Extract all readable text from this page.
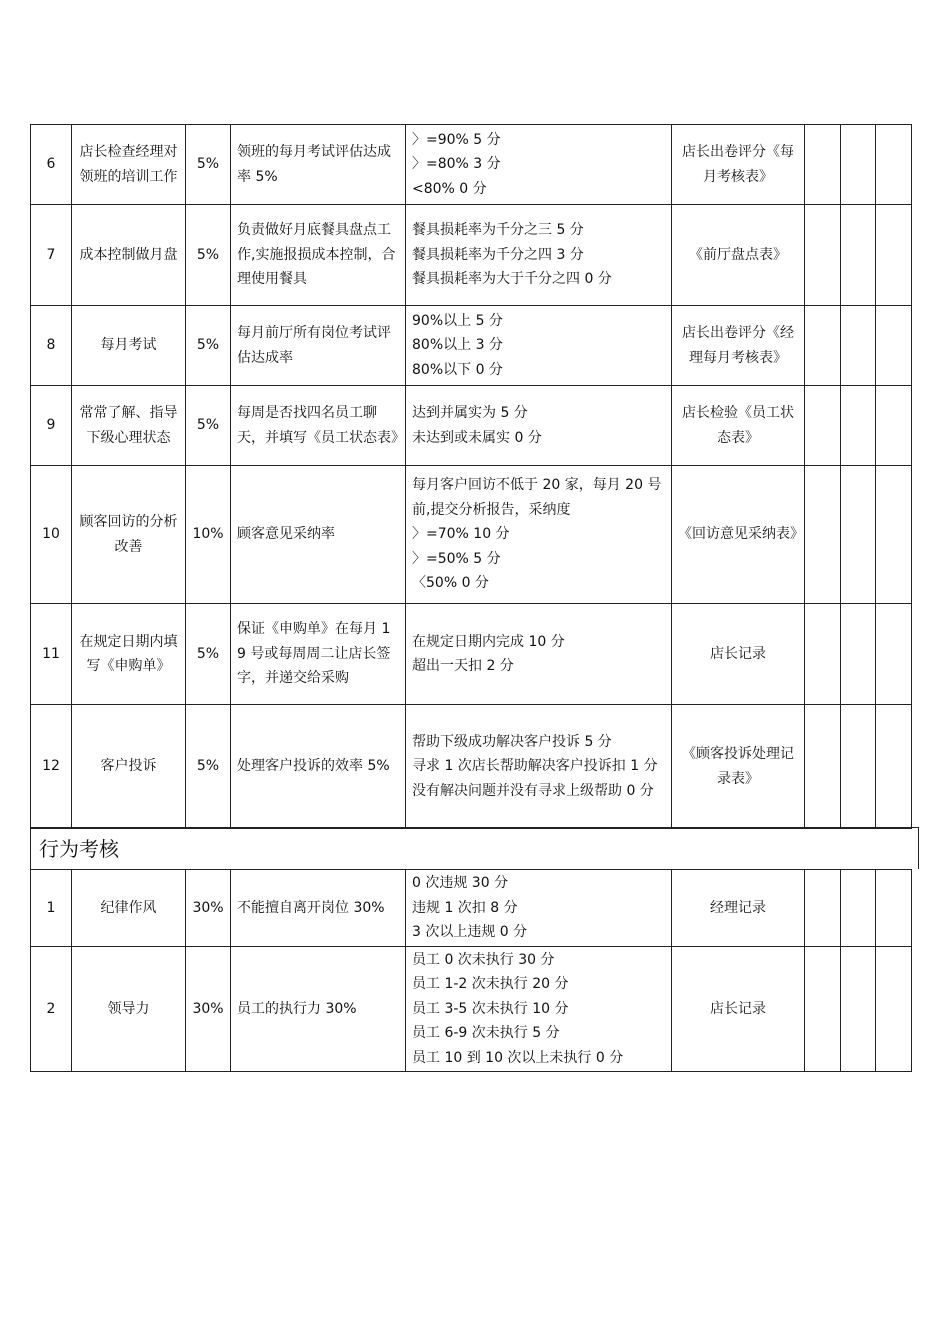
6	店长检查经理对领班的培训工作	5%	领班的每月考试评估达成率 5%	〉=90% 5 分
〉=80% 3 分
<80% 0 分	店长出卷评分《每月考核表》			
7	成本控制做月盘	5%	负责做好月底餐具盘点工作,实施报损成本控制，合理使用餐具	餐具损耗率为千分之三 5 分
餐具损耗率为千分之四 3 分
餐具损耗率为大于千分之四 0 分	《前厅盘点表》			
8	每月考试	5%	每月前厅所有岗位考试评估达成率	90%以上 5 分
80%以上 3 分
80%以下 0 分	店长出卷评分《经理每月考核表》			
9	常常了解、指导下级心理状态	5%	每周是否找四名员工聊天，并填写《员工状态表》	达到并属实为 5 分
未达到或未属实 0 分	店长检验《员工状态表》			
10	顾客回访的分析改善	10%	顾客意见采纳率	每月客户回访不低于 20 家，每月 20 号前,提交分析报告，采纳度
〉=70% 10 分
〉=50% 5 分
〈50% 0 分	《回访意见采纳表》			
11	在规定日期内填写《申购单》	5%	保证《申购单》在每月 19 号或每周周二让店长签字，并递交给采购	在规定日期内完成 10 分
超出一天扣 2 分	店长记录			
12	客户投诉	5%	处理客户投诉的效率 5%	帮助下级成功解决客户投诉 5 分
寻求 1 次店长帮助解决客户投诉扣 1 分
没有解决问题并没有寻求上级帮助 0 分	《顾客投诉处理记录表》			
行为考核
1	纪律作风	30%	不能擅自离开岗位 30%	0 次违规 30 分
违规 1 次扣 8 分
3 次以上违规 0 分	经理记录			
2	领导力	30%	员工的执行力 30%	员工 0 次未执行 30 分
员工 1-2 次未执行 20 分
员工 3-5 次未执行 10 分
员工 6-9 次未执行 5 分
员工 10 到 10 次以上未执行 0 分	店长记录			
